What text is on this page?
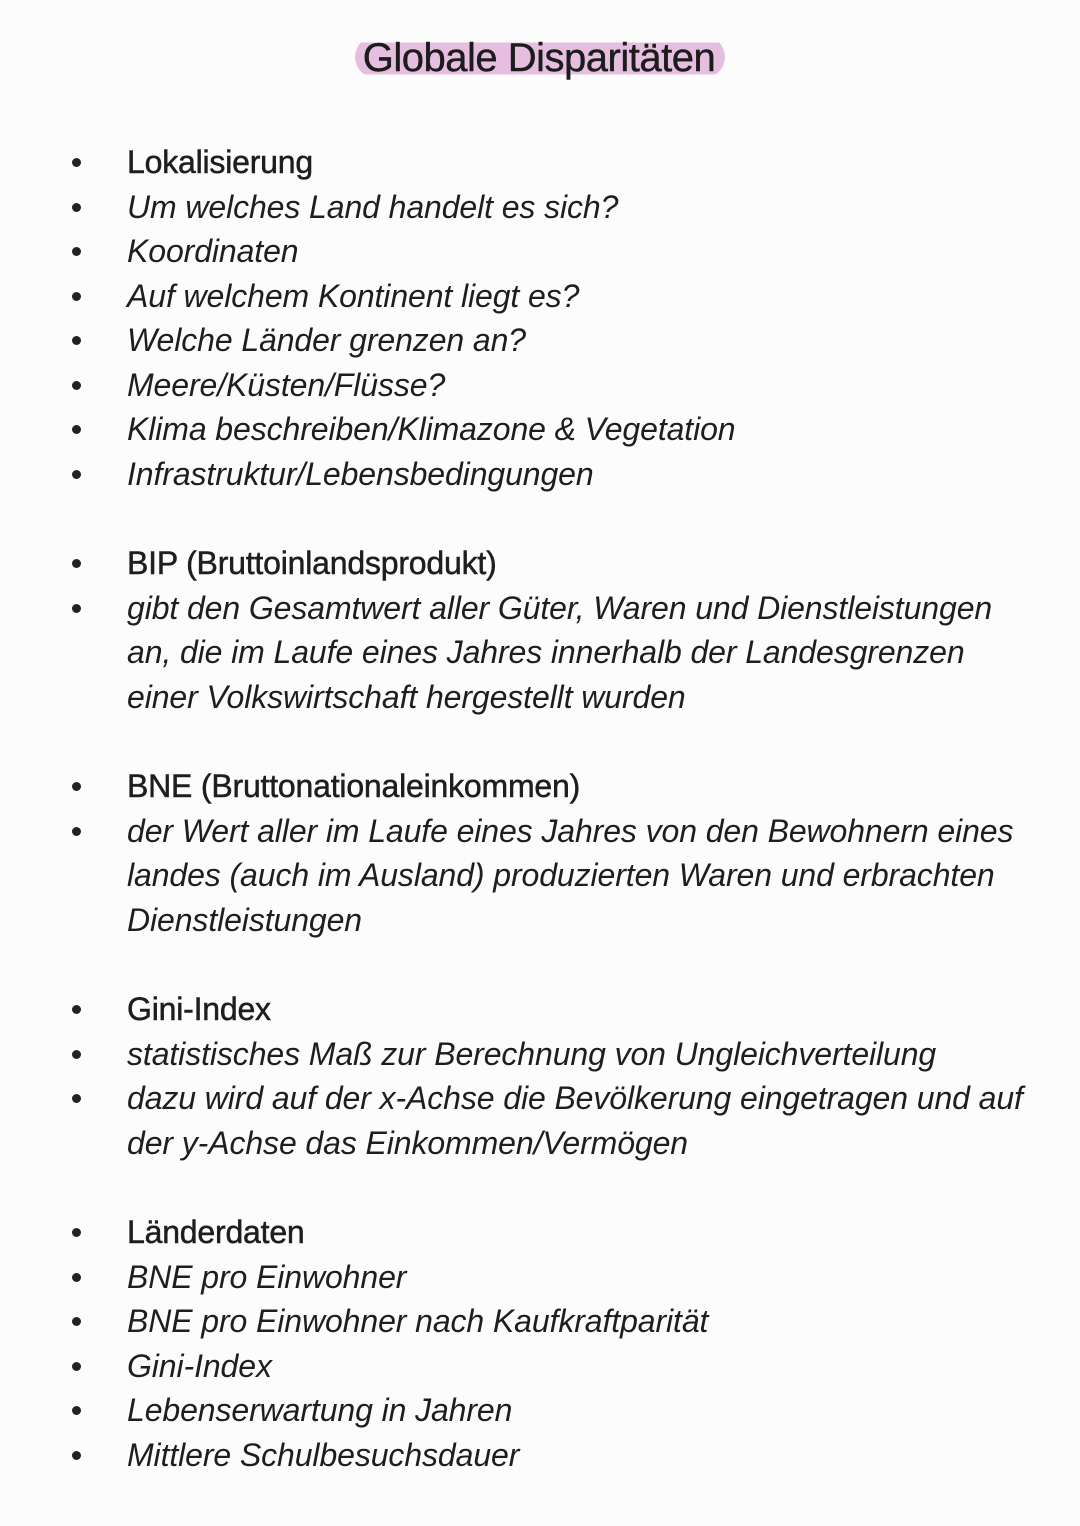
Globale Disparitäten
Lokalisierung
Um welches Land handelt es sich?
Koordinaten
Auf welchem Kontinent liegt es?
Welche Länder grenzen an?
Meere/Küsten/Flüsse?
Klima beschreiben/Klimazone & Vegetation
Infrastruktur/Lebensbedingungen
BIP (Bruttoinlandsprodukt)
gibt den Gesamtwert aller Güter, Waren und Dienstleistungen an, die im Laufe eines Jahres innerhalb der Landesgrenzen einer Volkswirtschaft hergestellt wurden
BNE (Bruttonationaleinkommen)
der Wert aller im Laufe eines Jahres von den Bewohnern eines landes (auch im Ausland) produzierten Waren und erbrachten Dienstleistungen
Gini-Index
statistisches Maß zur Berechnung von Ungleichverteilung
dazu wird auf der x-Achse die Bevölkerung eingetragen und auf der y-Achse das Einkommen/Vermögen
Länderdaten
BNE pro Einwohner
BNE pro Einwohner nach Kaufkraftparität
Gini-Index
Lebenserwartung in Jahren
Mittlere Schulbesuchsdauer
